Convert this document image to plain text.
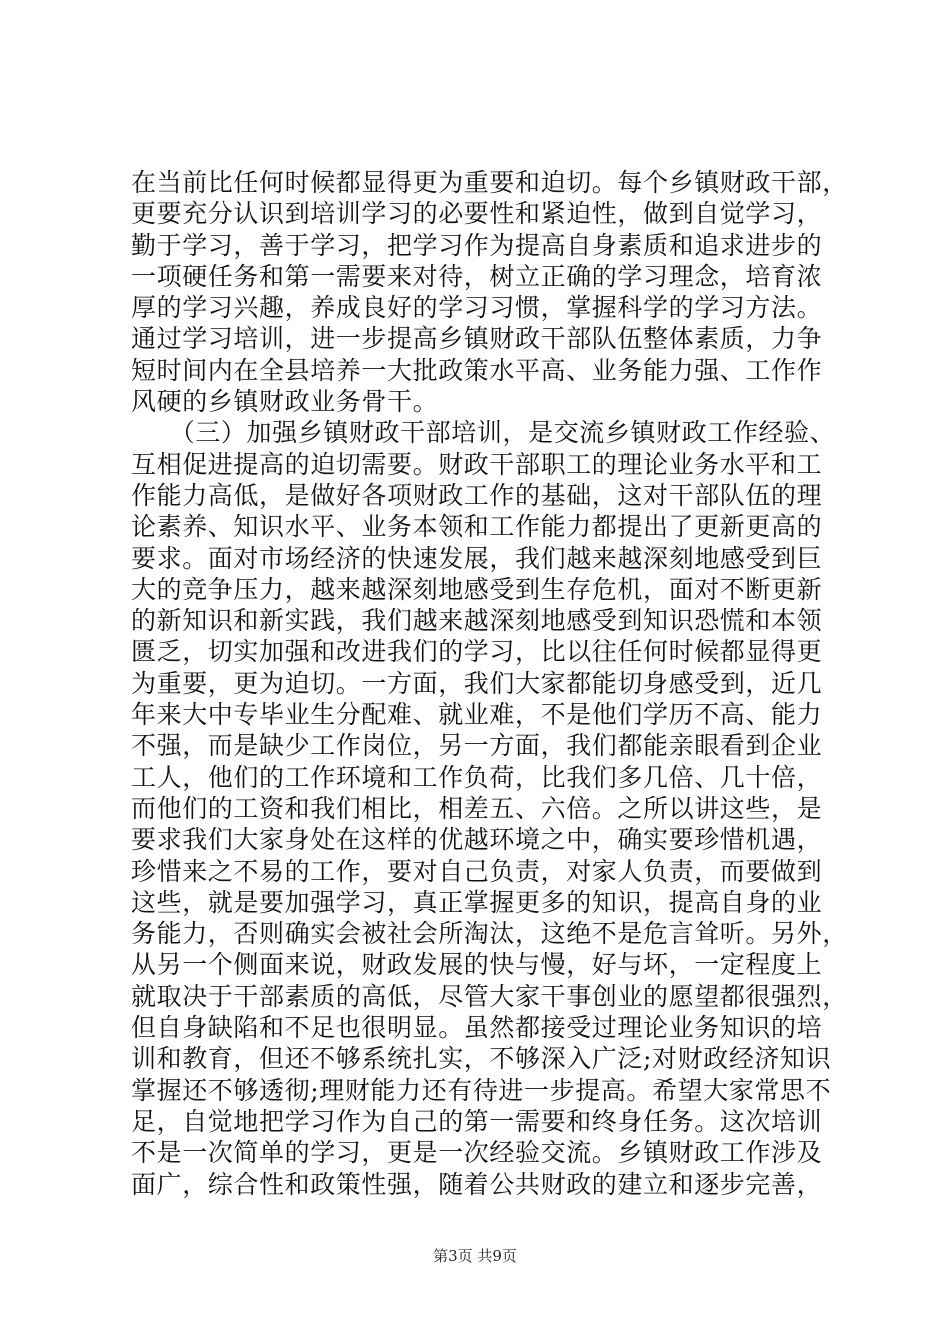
在当前比任何时候都显得更为重要和迫切。每个乡镇财政干部，
更要充分认识到培训学习的必要性和紧迫性，做到自觉学习，
勤于学习，善于学习，把学习作为提高自身素质和追求进步的
一项硬任务和第一需要来对待，树立正确的学习理念，培育浓
厚的学习兴趣，养成良好的学习习惯，掌握科学的学习方法。
通过学习培训，进一步提高乡镇财政干部队伍整体素质，力争
短时间内在全县培养一大批政策水平高、业务能力强、工作作
风硬的乡镇财政业务骨干。
　　（三）加强乡镇财政干部培训，是交流乡镇财政工作经验、
互相促进提高的迫切需要。财政干部职工的理论业务水平和工
作能力高低，是做好各项财政工作的基础，这对干部队伍的理
论素养、知识水平、业务本领和工作能力都提出了更新更高的
要求。面对市场经济的快速发展，我们越来越深刻地感受到巨
大的竞争压力，越来越深刻地感受到生存危机，面对不断更新
的新知识和新实践，我们越来越深刻地感受到知识恐慌和本领
匮乏，切实加强和改进我们的学习，比以往任何时候都显得更
为重要，更为迫切。一方面，我们大家都能切身感受到，近几
年来大中专毕业生分配难、就业难，不是他们学历不高、能力
不强，而是缺少工作岗位，另一方面，我们都能亲眼看到企业
工人，他们的工作环境和工作负荷，比我们多几倍、几十倍，
而他们的工资和我们相比，相差五、六倍。之所以讲这些，是
要求我们大家身处在这样的优越环境之中，确实要珍惜机遇，
珍惜来之不易的工作，要对自己负责，对家人负责，而要做到
这些，就是要加强学习，真正掌握更多的知识，提高自身的业
务能力，否则确实会被社会所淘汰，这绝不是危言耸听。另外，
从另一个侧面来说，财政发展的快与慢，好与坏，一定程度上
就取决于干部素质的高低，尽管大家干事创业的愿望都很强烈，
但自身缺陷和不足也很明显。虽然都接受过理论业务知识的培
训和教育，但还不够系统扎实，不够深入广泛;对财政经济知识
掌握还不够透彻;理财能力还有待进一步提高。希望大家常思不
足，自觉地把学习作为自己的第一需要和终身任务。这次培训
不是一次简单的学习，更是一次经验交流。乡镇财政工作涉及
面广，综合性和政策性强，随着公共财政的建立和逐步完善，
第3页 共9页
